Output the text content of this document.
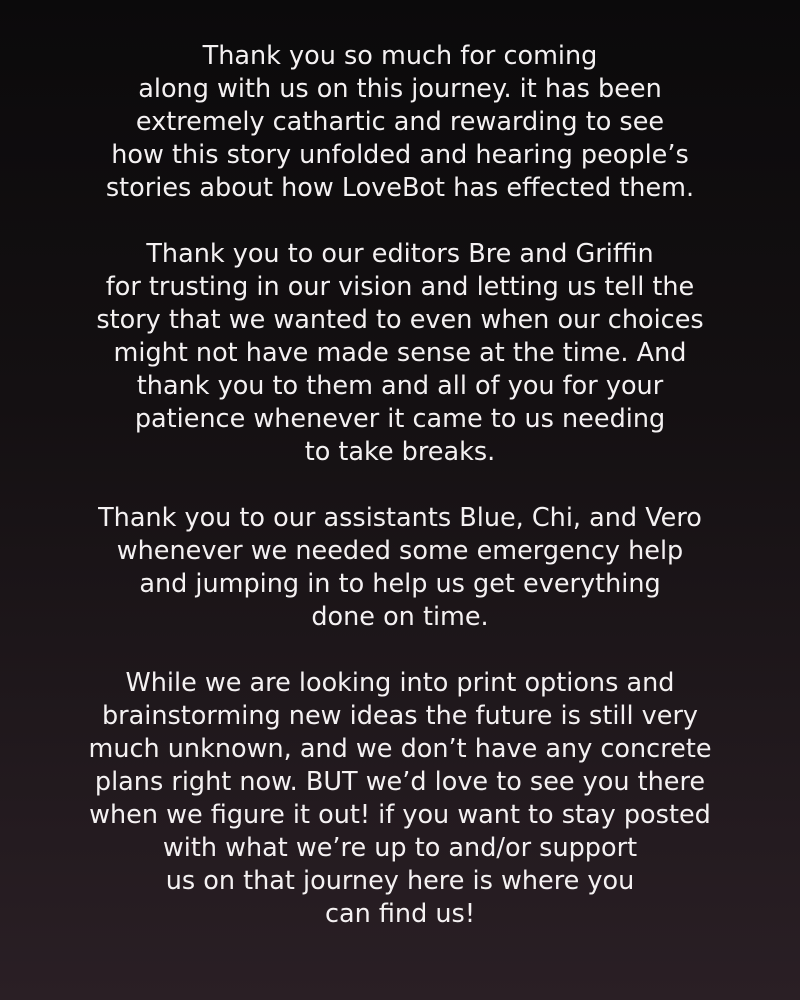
Thank you so much for coming
along with us on this journey. it has been
extremely cathartic and rewarding to see
how this story unfolded and hearing people’s
stories about how LoveBot has effected them.
Thank you to our editors Bre and Griffin
for trusting in our vision and letting us tell the
story that we wanted to even when our choices
might not have made sense at the time. And
thank you to them and all of you for your
patience whenever it came to us needing
to take breaks.
Thank you to our assistants Blue, Chi, and Vero
whenever we needed some emergency help
and jumping in to help us get everything
done on time.
While we are looking into print options and
brainstorming new ideas the future is still very
much unknown, and we don’t have any concrete
plans right now. BUT we’d love to see you there
when we figure it out! if you want to stay posted
with what we’re up to and/or support
us on that journey here is where you
can find us!
